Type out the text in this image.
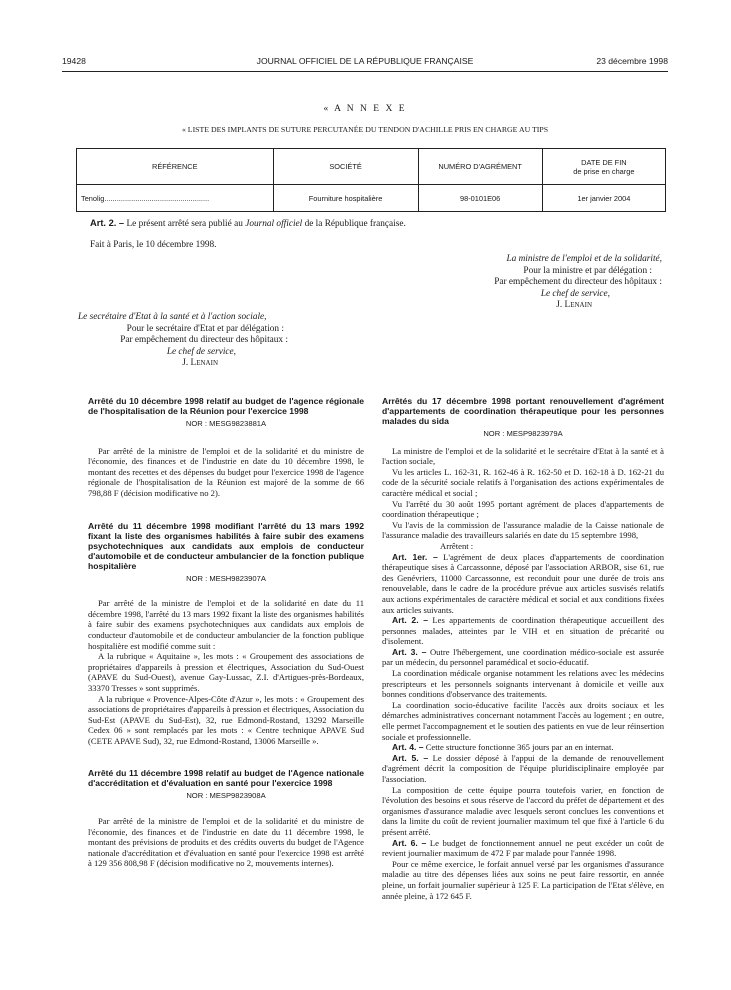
19428	JOURNAL OFFICIEL DE LA RÉPUBLIQUE FRANÇAISE	23 décembre 1998
« A N N E X E
« LISTE DES IMPLANTS DE SUTURE PERCUTANÉE DU TENDON D'ACHILLE PRIS EN CHARGE AU TIPS
RÉFÉRENCE	SOCIÉTÉ	NUMÉRO D'AGRÉMENT	DATE DE FIN
de prise en charge
Tenolig...................................................	Fourniture hospitalière	98-0101E06	1er janvier 2004
Art. 2. – Le présent arrêté sera publié au Journal officiel de la République française.
Fait à Paris, le 10 décembre 1998.

La ministre de l'emploi et de la solidarité,

Pour la ministre et par délégation :

Par empêchement du directeur des hôpitaux :

Le chef de service,

J. Lenain

Le secrétaire d'Etat à la santé et à l'action sociale,

Pour le secrétaire d'Etat et par délégation :

Par empêchement du directeur des hôpitaux :

Le chef de service,

J. Lenain

Arrêté du 10 décembre 1998 relatif au budget de l'agence régionale de l'hospitalisation de la Réunion pour l'exercice 1998

NOR : MESG9823881A

Par arrêté de la ministre de l'emploi et de la solidarité et du ministre de l'économie, des finances et de l'industrie en date du 10 décembre 1998, le montant des recettes et des dépenses du budget pour l'exercice 1998 de l'agence régionale de l'hospitalisation de la Réunion est majoré de la somme de 66 798,88 F (décision modificative no 2).

Arrêté du 11 décembre 1998 modifiant l'arrêté du 13 mars 1992 fixant la liste des organismes habilités à faire subir des examens psychotechniques aux candidats aux emplois de conducteur d'automobile et de conducteur ambulancier de la fonction publique hospitalière

NOR : MESH9823907A

Par arrêté de la ministre de l'emploi et de la solidarité en date du 11 décembre 1998, l'arrêté du 13 mars 1992 fixant la liste des organismes habilités à faire subir des examens psychotechniques aux candidats aux emplois de conducteur d'automobile et de conducteur ambulancier de la fonction publique hospitalière est modifié comme suit :

A la rubrique « Aquitaine », les mots : « Groupement des associations de propriétaires d'appareils à pression et électriques, Association du Sud-Ouest (APAVE du Sud-Ouest), avenue Gay-Lussac, Z.I. d'Artigues-près-Bordeaux, 33370 Tresses » sont supprimés.

A la rubrique « Provence-Alpes-Côte d'Azur », les mots : « Groupement des associations de propriétaires d'appareils à pression et électriques, Association du Sud-Est (APAVE du Sud-Est), 32, rue Edmond-Rostand, 13292 Marseille Cedex 06 » sont remplacés par les mots : « Centre technique APAVE Sud (CETE APAVE Sud), 32, rue Edmond-Rostand, 13006 Marseille ».

Arrêté du 11 décembre 1998 relatif au budget de l'Agence nationale d'accréditation et d'évaluation en santé pour l'exercice 1998

NOR : MESP9823908A

Par arrêté de la ministre de l'emploi et de la solidarité et du ministre de l'économie, des finances et de l'industrie en date du 11 décembre 1998, le montant des prévisions de produits et des crédits ouverts du budget de l'Agence nationale d'accréditation et d'évaluation en santé pour l'exercice 1998 est arrêté à 129 356 808,98 F (décision modificative no 2, mouvements internes).

Arrêtés du 17 décembre 1998 portant renouvellement d'agrément d'appartements de coordination thérapeutique pour les personnes malades du sida

NOR : MESP9823979A

La ministre de l'emploi et de la solidarité et le secrétaire d'Etat à la santé et à l'action sociale,

Vu les articles L. 162-31, R. 162-46 à R. 162-50 et D. 162-18 à D. 162-21 du code de la sécurité sociale relatifs à l'organisation des actions expérimentales de caractère médical et social ;

Vu l'arrêté du 30 août 1995 portant agrément de places d'appartements de coordination thérapeutique ;

Vu l'avis de la commission de l'assurance maladie de la Caisse nationale de l'assurance maladie des travailleurs salariés en date du 15 septembre 1998,

Arrêtent :

Art. 1er. – L'agrément de deux places d'appartements de coordination thérapeutique sises à Carcassonne, déposé par l'association ARBOR, sise 61, rue des Genévriers, 11000 Carcassonne, est reconduit pour une durée de trois ans renouvelable, dans le cadre de la procédure prévue aux articles susvisés relatifs aux actions expérimentales de caractère médical et social et aux conditions fixées aux articles suivants.

Art. 2. – Les appartements de coordination thérapeutique accueillent des personnes malades, atteintes par le VIH et en situation de précarité ou d'isolement.

Art. 3. – Outre l'hébergement, une coordination médico-sociale est assurée par un médecin, du personnel paramédical et socio-éducatif.

La coordination médicale organise notamment les relations avec les médecins prescripteurs et les personnels soignants intervenant à domicile et veille aux bonnes conditions d'observance des traitements.

La coordination socio-éducative facilite l'accès aux droits sociaux et les démarches administratives concernant notamment l'accès au logement ; en outre, elle permet l'accompagnement et le soutien des patients en vue de leur réinsertion sociale et professionnelle.

Art. 4. – Cette structure fonctionne 365 jours par an en internat.

Art. 5. – Le dossier déposé à l'appui de la demande de renouvellement d'agrément décrit la composition de l'équipe pluridisciplinaire employée par l'association.

La composition de cette équipe pourra toutefois varier, en fonction de l'évolution des besoins et sous réserve de l'accord du préfet de département et des organismes d'assurance maladie avec lesquels seront conclues les conventions et dans la limite du coût de revient journalier maximum tel que fixé à l'article 6 du présent arrêté.

Art. 6. – Le budget de fonctionnement annuel ne peut excéder un coût de revient journalier maximum de 472 F par malade pour l'année 1998.

Pour ce même exercice, le forfait annuel versé par les organismes d'assurance maladie au titre des dépenses liées aux soins ne peut faire ressortir, en année pleine, un forfait journalier supérieur à 125 F. La participation de l'Etat s'élève, en année pleine, à 172 645 F.
